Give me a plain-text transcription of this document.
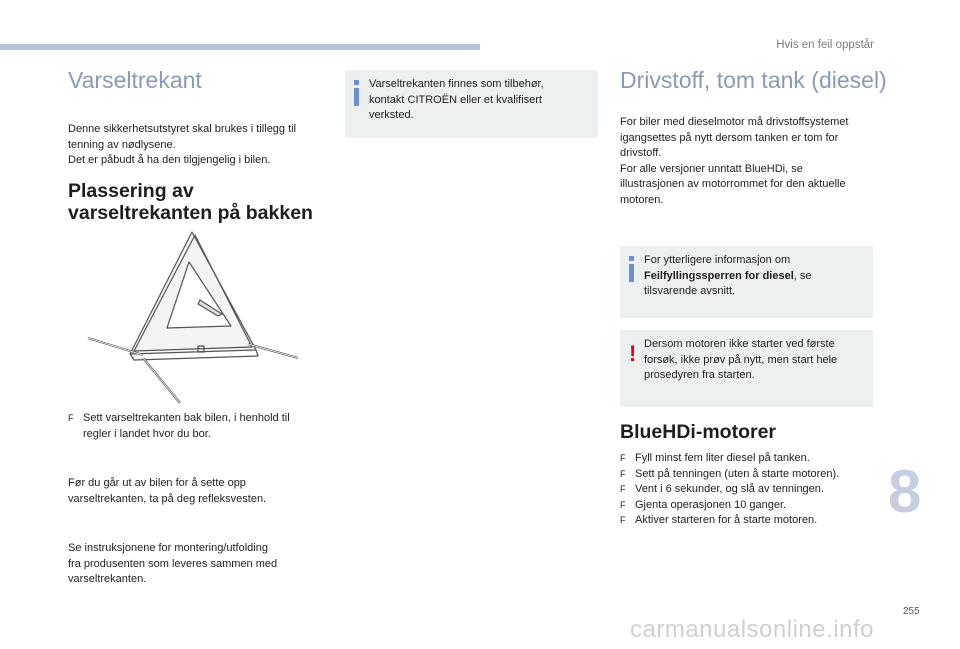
Hvis en feil oppstår
Varseltrekant
Denne sikkerhetsutstyret skal brukes i tillegg til
tenning av nødlysene.
Det er påbudt å ha den tilgjengelig i bilen.
Plassering av
varseltrekanten på bakken
F Sett varseltrekanten bak bilen, i henhold til
regler i landet hvor du bor.
Før du går ut av bilen for å sette opp
varseltrekanten, ta på deg refleksvesten.
Se instruksjonene for montering/utfolding
fra produsenten som leveres sammen med
varseltrekanten.
Varseltrekanten finnes som tilbehør,
kontakt CITROËN eller et kvalifisert
verksted.
Drivstoff, tom tank (diesel)
For biler med dieselmotor må drivstoffsystemet
igangsettes på nytt dersom tanken er tom for
drivstoff.
For alle versjoner unntatt BlueHDi, se
illustrasjonen av motorrommet for den aktuelle
motoren.
For ytterligere informasjon om
Feilfyllingssperren for diesel, se
tilsvarende avsnitt.
! Dersom motoren ikke starter ved første
forsøk, ikke prøv på nytt, men start hele
prosedyren fra starten.
BlueHDi-motorer
F Fyll minst fem liter diesel på tanken.
F Sett på tenningen (uten å starte motoren).
F Vent i 6 sekunder, og slå av tenningen.
F Gjenta operasjonen 10 ganger.
F Aktiver starteren for å starte motoren.	8
255
carmanualsonline.info
